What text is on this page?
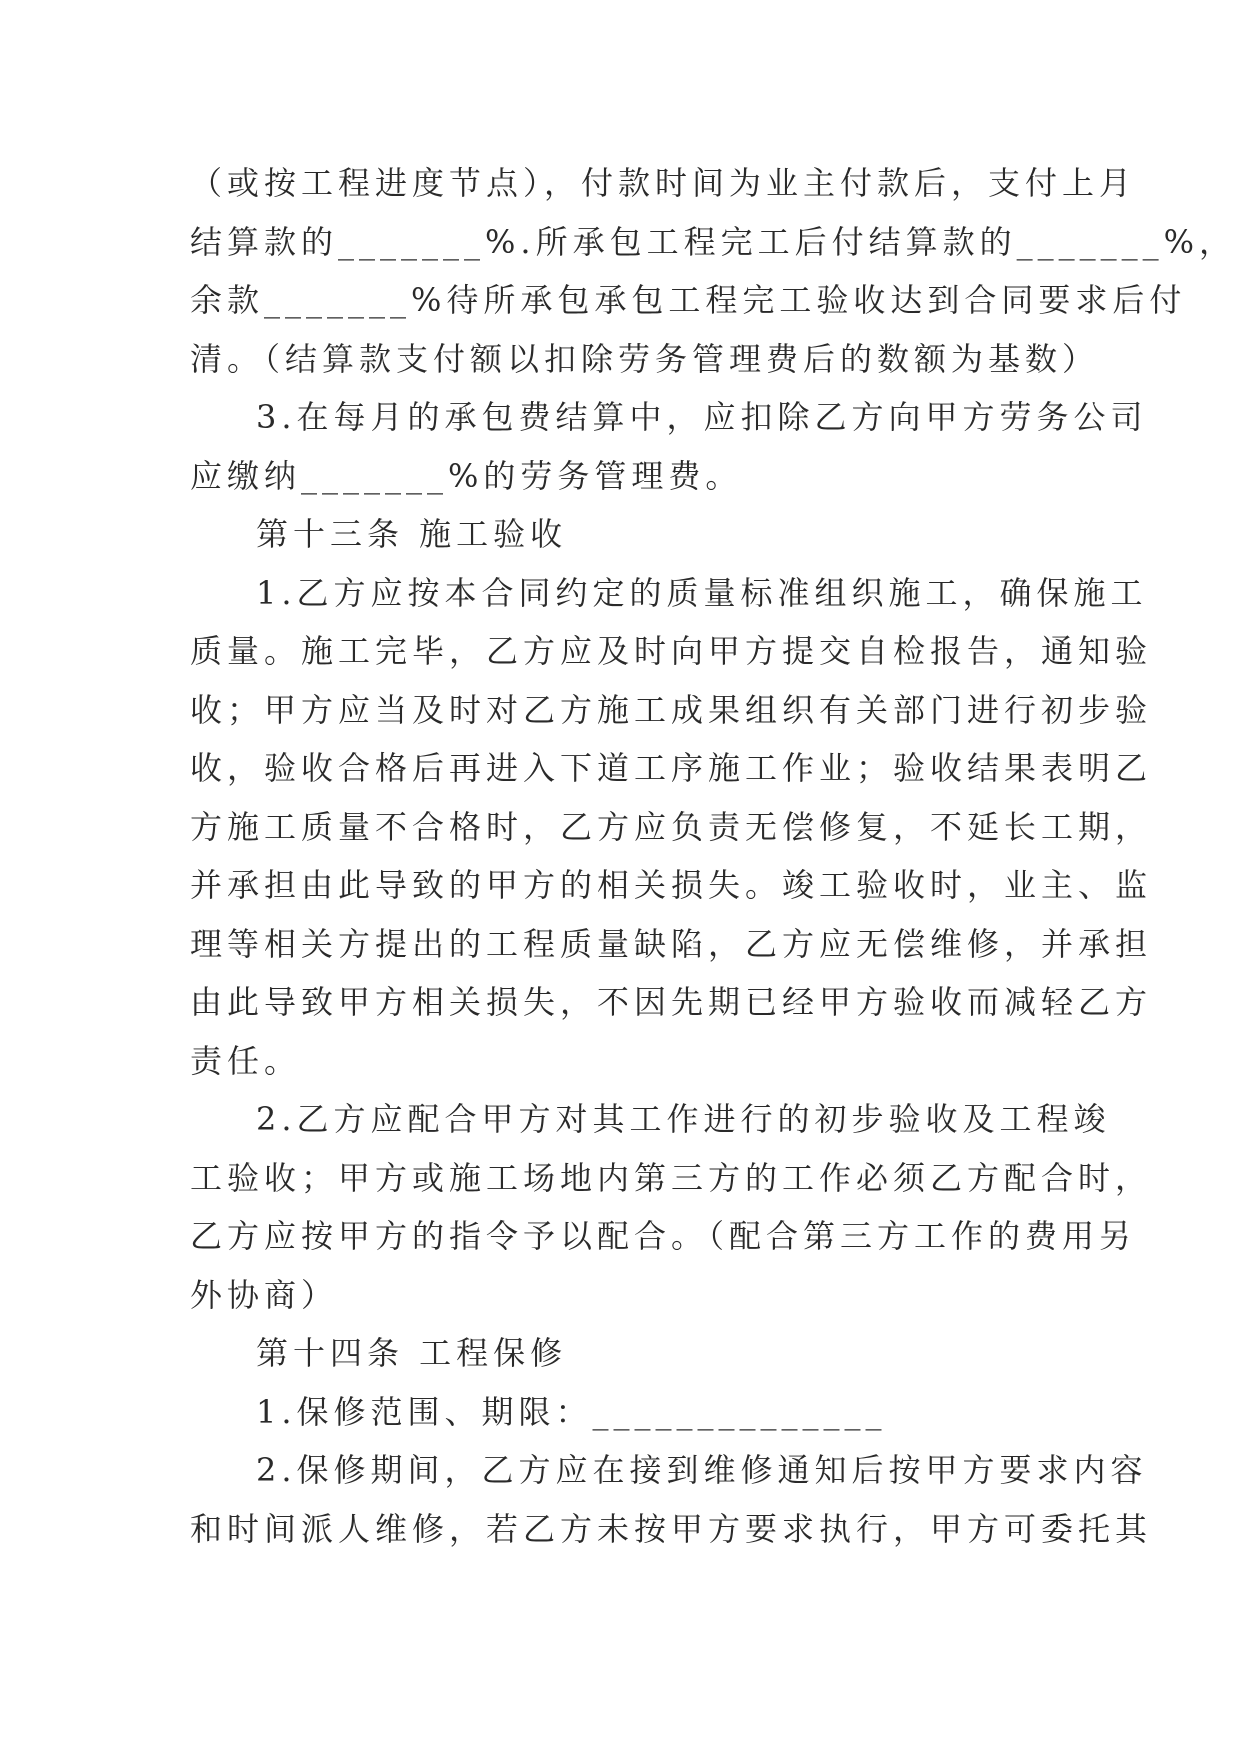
（或按工程进度节点），付款时间为业主付款后，支付上月
结算款的_______%.所承包工程完工后付结算款的_______%，
余款_______%待所承包承包工程完工验收达到合同要求后付
清。（结算款支付额以扣除劳务管理费后的数额为基数）
3.在每月的承包费结算中，应扣除乙方向甲方劳务公司
应缴纳_______%的劳务管理费。
第十三条 施工验收
1.乙方应按本合同约定的质量标准组织施工，确保施工
质量。施工完毕，乙方应及时向甲方提交自检报告，通知验
收；甲方应当及时对乙方施工成果组织有关部门进行初步验
收，验收合格后再进入下道工序施工作业；验收结果表明乙
方施工质量不合格时，乙方应负责无偿修复，不延长工期，
并承担由此导致的甲方的相关损失。竣工验收时，业主、监
理等相关方提出的工程质量缺陷，乙方应无偿维修，并承担
由此导致甲方相关损失，不因先期已经甲方验收而减轻乙方
责任。
2.乙方应配合甲方对其工作进行的初步验收及工程竣
工验收；甲方或施工场地内第三方的工作必须乙方配合时，
乙方应按甲方的指令予以配合。（配合第三方工作的费用另
外协商）
第十四条 工程保修
1.保修范围、期限：______________
2.保修期间，乙方应在接到维修通知后按甲方要求内容
和时间派人维修，若乙方未按甲方要求执行，甲方可委托其
